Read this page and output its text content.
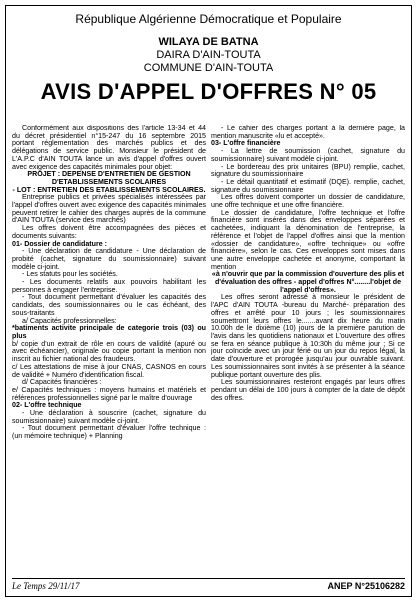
République Algérienne Démocratique et Populaire
WILAYA DE BATNA
DAIRA D'AIN-TOUTA
COMMUNE D'AIN-TOUTA
AVIS D'APPEL D'OFFRES N° 05

Conformément aux dispositions des l'article 13-34 et 44 du décret présidentiel n°15-247 du 16 septembre 2015 portant réglementation des marchés publics et des délégations de service public. Monsieur le président de L'A.P.C d'AIN TOUTA lance un avis d'appel d'offres ouvert avec exigence des capacités minimales pour objet:

PROJET : DEPENSE D'ENTRETIEN DE GESTION D'ETABLISSEMENTS SCOLAIRES

- LOT : ENTRETIEN DES ETABLISSEMENTS SCOLAIRES.

Entreprise publics et privées spécialisés intéressées par l'appel d'offres ouvert avec exigence des capacités minimales peuvent retirer le cahier des charges auprès de la commune d'AIN TOUTA (service des marchés)

Les offres doivent être accompagnées des pièces et documents suivants:

01- Dossier de candidature :

- Une déclaration de candidature - Une déclaration de probité (cachet, signature du soumissionnaire) suivant modèle ci-joint.

- Les statuts pour les sociétés.

- Les documents relatifs aux pouvoirs habilitant les personnes à engager l'entreprise.

- Tout document permettant d'évaluer les capacités des candidats, des soumissionnaires ou le cas échéant, des sous-traitants

a/ Capacités professionnelles:

*batiments activite principale de categorie trois (03) ou plus

b/ copie d'un extrait de rôle en cours de validité (apuré ou avec échéancier), originale ou copie portant la mention non inscrit au fichier national des fraudeurs.

c/ Les attestations de mise à jour CNAS, CASNOS en cours de validité + Numéro d'identification fiscal.

d/ Capacités financières :

e/ Capacités techniques : moyens humains et matériels et références professionnelles signé par le maître d'ouvrage

02- L'offre technique

- Une déclaration à souscrire (cachet, signature du soumissionnaire) suivant modèle ci-joint.

- Tout document permettant d'évaluer l'offre technique : (un mémoire technique) + Planning

- Le cahier des charges portant à la dernière page, la mention manuscrite «lu et accepté».

03- L'offre financière

- La lettre de soumission (cachet, signature du soumissionnaire) suivant modèle ci-joint.

- Le bordereau des prix unitaires (BPU) remplie, cachet, signature du soumissionnaire

- Le détail quantitatif et estimatif (DQE). remplie, cachet, signature du soumissionnaire

Les offres doivent comporter un dossier de candidature, une offre technique et une offre financière.

Le dossier de candidature, l'offre technique et l'offre financière sont insérés dans des enveloppes séparées et cachetées, indiquant la dénomination de l'entreprise, la référence et l'objet de l'appel d'offres ainsi que la mention «dossier de candidature», «offre technique» ou «offre financière», selon le cas. Ces enveloppes sont mises dans une autre enveloppe cachetée et anonyme, comportant la mention

«à n'ouvrir que par la commission d'ouverture des plis et d'évaluation des offres - appel d'offres N°........l'objet de l'appel d'offres».

Les offres seront adressé à monsieur le président de l'APC d'AIN TOUTA -bureau du Marché- préparation des offres et arrêté pour 10 jours ; les soumissionnaires soumettront leurs offres le.......avant dix heure du matin 10.00h de le dixième (10) jours de la première parution de l'avis dans les quotidiens nationaux et L'ouverture des offres se fera en séance publique à 10:30h du même jour ; Si ce jour coïncide avec un jour férié ou un jour du repos légal, la date d'ouverture et prorogée jusqu'au jour ouvrable suivant. Les soumissionnaires sont invités à se présenter à la séance publique portant ouverture des plis.

Les soumissionnaires resteront engagés par leurs offres pendant un délai de 100 jours à compter de la date de dépôt des offres.

Le Temps 29/11/17	ANEP N°25106282
